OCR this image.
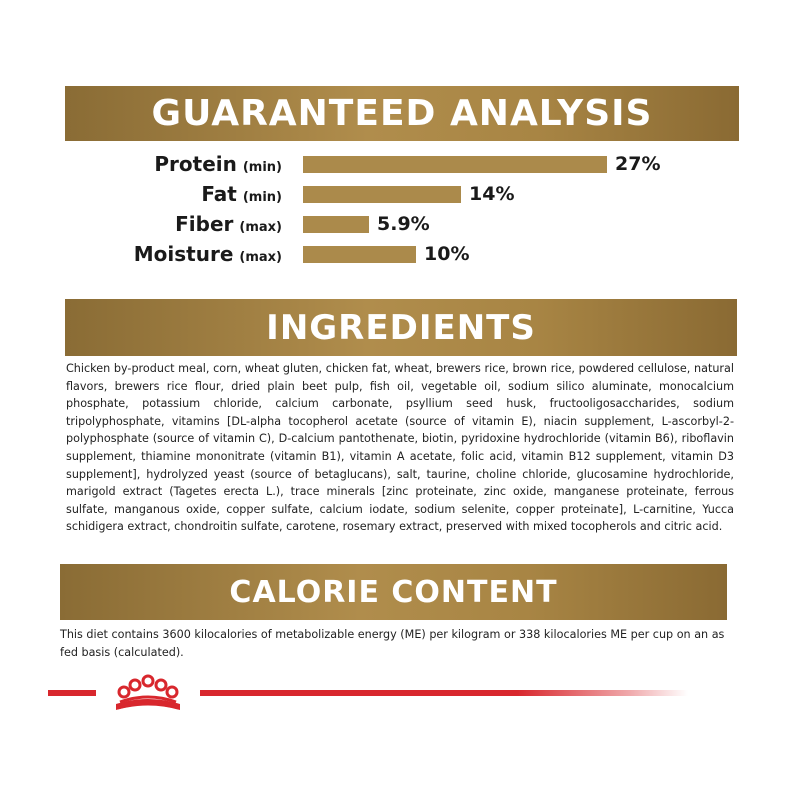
GUARANTEED ANALYSIS
Protein (min)	27%
Fat (min)	14%
Fiber (max)	5.9%
Moisture (max)	10%
INGREDIENTS
Chicken by-product meal, corn, wheat gluten, chicken fat, wheat, brewers rice, brown rice, powdered cellulose, natural flavors, brewers rice flour, dried plain beet pulp, fish oil, vegetable oil, sodium silico aluminate, monocalcium phosphate, potassium chloride, calcium carbonate, psyllium seed husk, fructooligosaccharides, sodium tripolyphosphate, vitamins [DL-alpha tocopherol acetate (source of vitamin E), niacin supplement, L-ascorbyl-2-polyphosphate (source of vitamin C), D-calcium pantothenate, biotin, pyridoxine hydrochloride (vitamin B6), riboflavin supplement, thiamine mononitrate (vitamin B1), vitamin A acetate, folic acid, vitamin B12 supplement, vitamin D3 supplement], hydrolyzed yeast (source of betaglucans), salt, taurine, choline chloride, glucosamine hydrochloride, marigold extract (Tagetes erecta L.), trace minerals [zinc proteinate, zinc oxide, manganese proteinate, ferrous sulfate, manganous oxide, copper sulfate, calcium iodate, sodium selenite, copper proteinate], L-carnitine, Yucca schidigera extract, chondroitin sulfate, carotene, rosemary extract, preserved with mixed tocopherols and citric acid.
CALORIE CONTENT
This diet contains 3600 kilocalories of metabolizable energy (ME) per kilogram or 338 kilocalories ME per cup on an as fed basis (calculated).
